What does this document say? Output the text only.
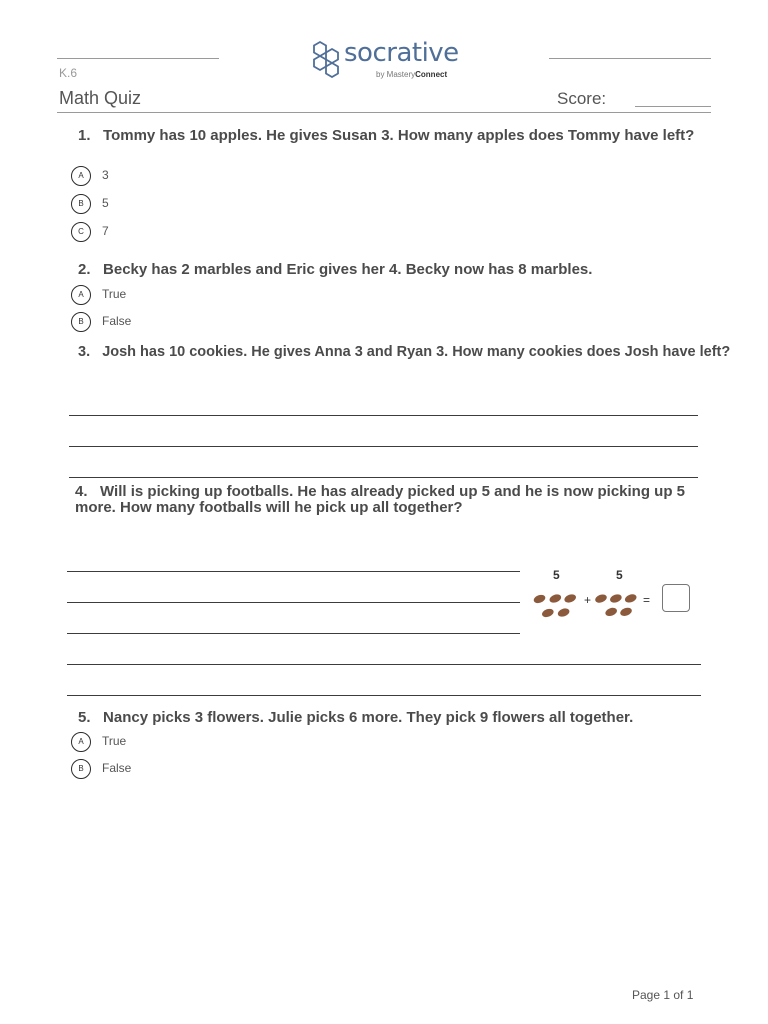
socrative
by MasteryConnect
K.6
Math Quiz	Score:
1. Tommy has 10 apples. He gives Susan 3. How many apples does Tommy have left?
A	3
B	5
C	7
2. Becky has 2 marbles and Eric gives her 4. Becky now has 8 marbles.
A	True
B	False
3. Josh has 10 cookies. He gives Anna 3 and Ryan 3. How many cookies does Josh have left?
4. Will is picking up footballs. He has already picked up 5 and he is now picking up 5 more. How many footballs will he pick up all together?
5	5
+	=
5. Nancy picks 3 flowers. Julie picks 6 more. They pick 9 flowers all together.
A	True
B	False
Page 1 of 1
